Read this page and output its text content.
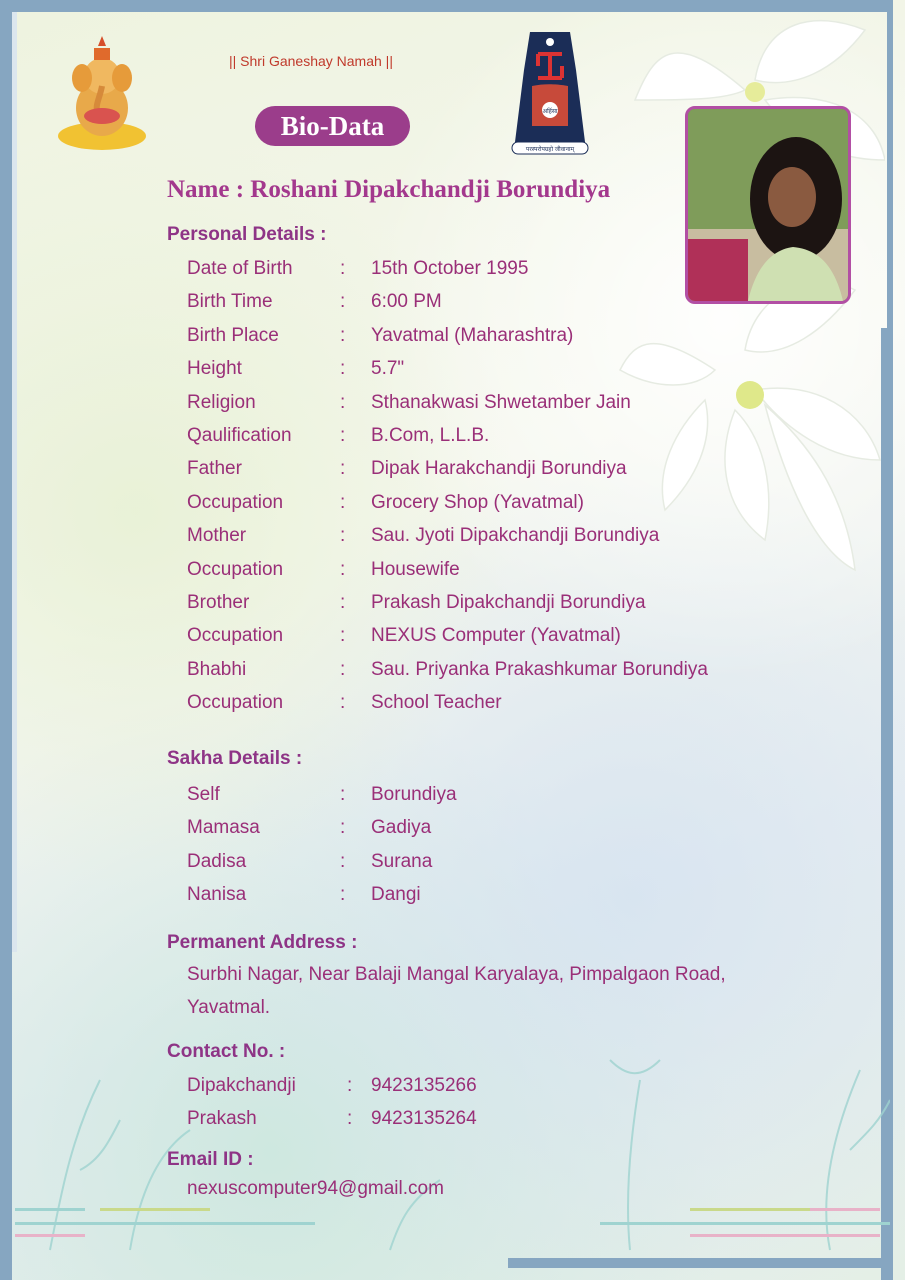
अहिंसा
परस्परोपग्रहो जीवानाम्
|| Shri Ganeshay Namah ||
Bio-Data
Name : Roshani Dipakchandji Borundiya
Personal Details :
Date of Birth : 15th October 1995
Birth Time	: 6:00 PM
Birth Place	: Yavatmal (Maharashtra)
Height	: 5.7"
Religion	: Sthanakwasi Shwetamber Jain
Qaulification	: B.Com, L.L.B.
Father	: Dipak Harakchandji Borundiya
Occupation	: Grocery Shop (Yavatmal)
Mother	: Sau. Jyoti Dipakchandji Borundiya
Occupation	: Housewife
Brother	: Prakash Dipakchandji Borundiya
Occupation	: NEXUS Computer (Yavatmal)
Bhabhi	: Sau. Priyanka Prakashkumar Borundiya
Occupation	: School Teacher
Sakha Details :
Self	: Borundiya
Mamasa	: Gadiya
Dadisa	: Surana
Nanisa	: Dangi
Permanent Address :
Surbhi Nagar, Near Balaji Mangal Karyalaya, Pimpalgaon Road,
Yavatmal.
Contact No. :
Dipakchandji	: 9423135266
Prakash	: 9423135264
Email ID :
nexuscomputer94@gmail.com
